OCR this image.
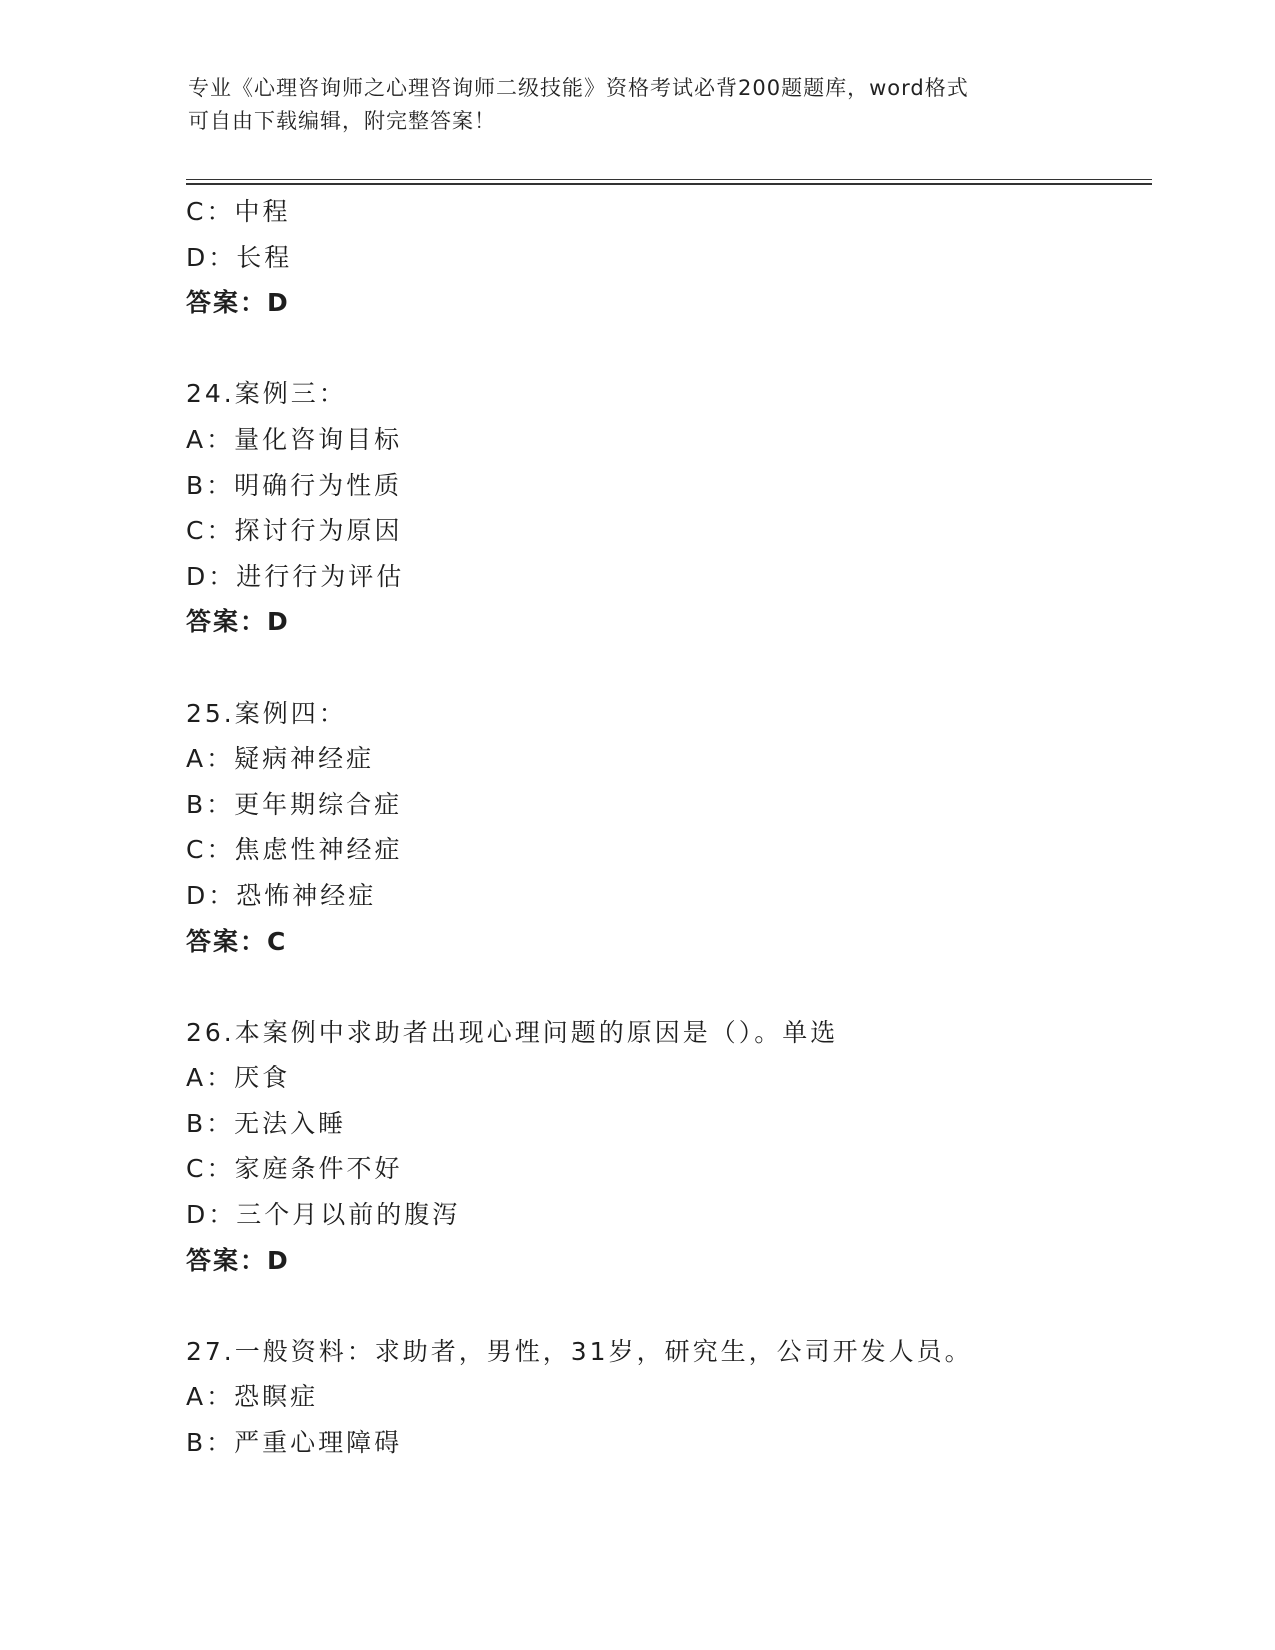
专业《心理咨询师之心理咨询师二级技能》资格考试必背200题题库，word格式
可自由下载编辑，附完整答案！
C：中程
D：长程
答案：D
24.案例三：
A：量化咨询目标
B：明确行为性质
C：探讨行为原因
D：进行行为评估
答案：D
25.案例四：
A：疑病神经症
B：更年期综合症
C：焦虑性神经症
D：恐怖神经症
答案：C
26.本案例中求助者出现心理问题的原因是（）。单选
A：厌食
B：无法入睡
C：家庭条件不好
D：三个月以前的腹泻
答案：D
27.一般资料：求助者，男性，31岁，研究生，公司开发人员。
A：恐瞑症
B：严重心理障碍
